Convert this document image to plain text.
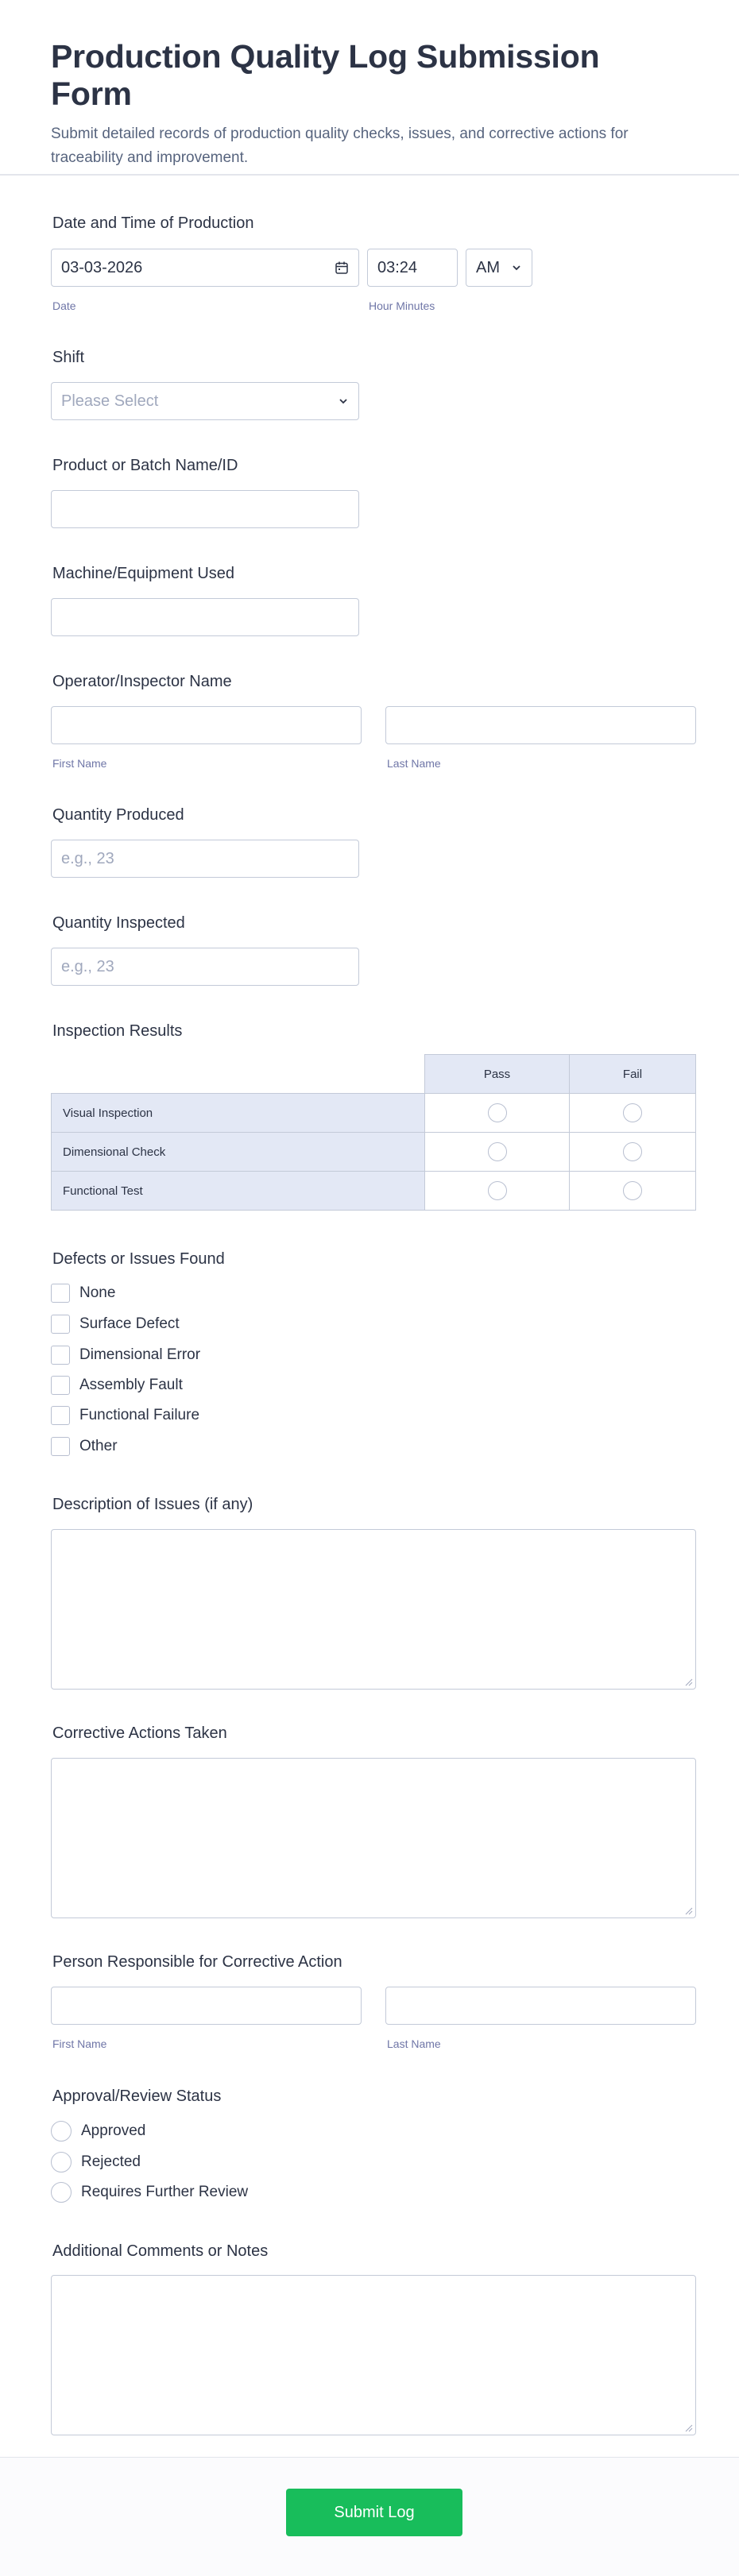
Production Quality Log Submission Form

Submit detailed records of production quality checks, issues, and corrective actions for traceability and improvement.

Date and Time of Production
03-03-2026	03:24	AM
Date	Hour Minutes
Shift
Please Select
Product or Batch Name/ID
Machine/Equipment Used
Operator/Inspector Name
First Name	Last Name
Quantity Produced
e.g., 23
Quantity Inspected
e.g., 23
Inspection Results
Pass	Fail
Visual Inspection
Dimensional Check
Functional Test
Defects or Issues Found
None
Surface Defect
Dimensional Error
Assembly Fault
Functional Failure
Other
Description of Issues (if any)
Corrective Actions Taken
Person Responsible for Corrective Action
First Name	Last Name
Approval/Review Status
Approved
Rejected
Requires Further Review
Additional Comments or Notes
Submit Log
